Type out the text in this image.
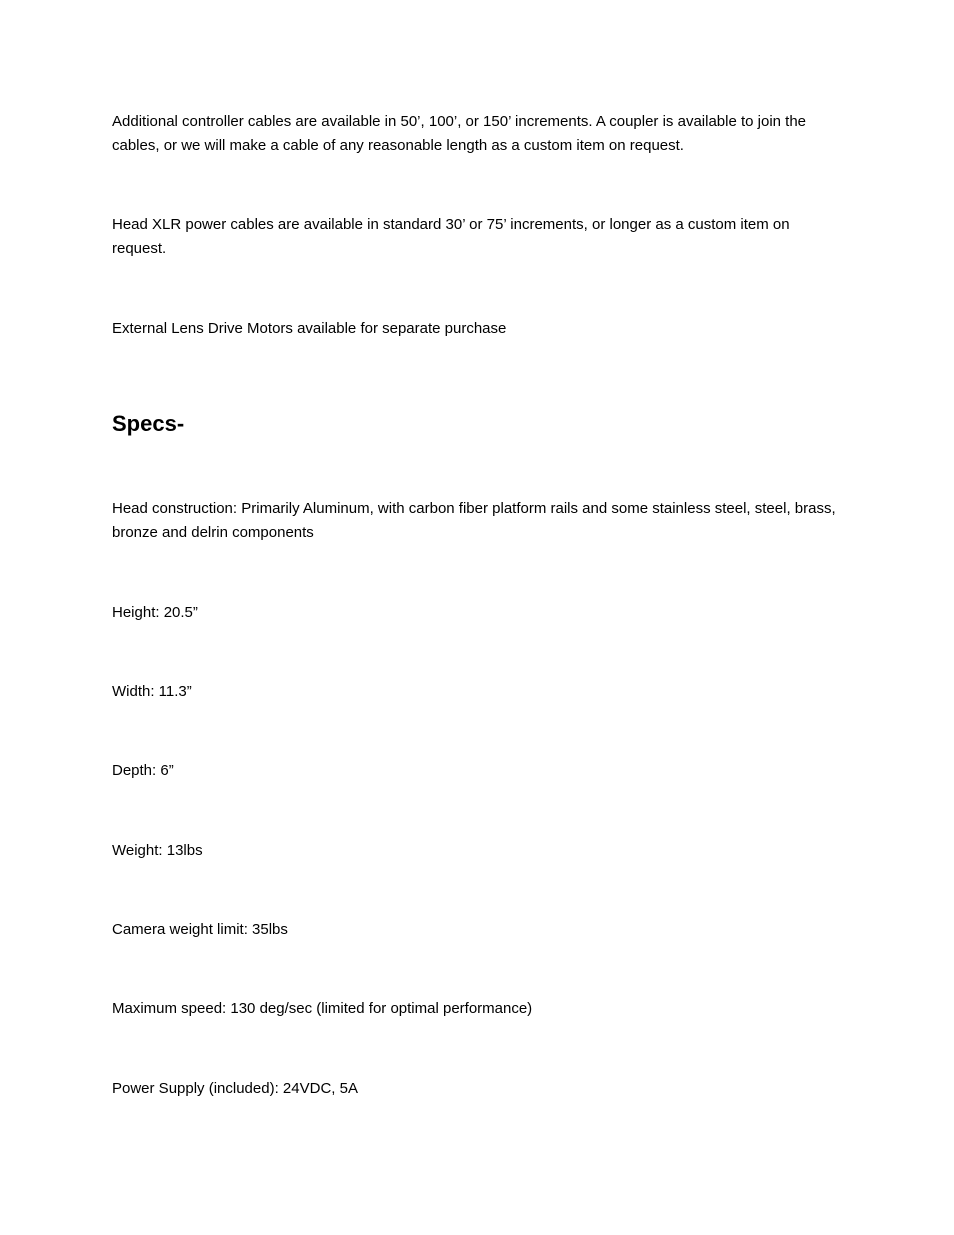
Additional controller cables are available in 50’, 100’, or 150’ increments. A coupler is available to join the cables, or we will make a cable of any reasonable length as a custom item on request.

Head XLR power cables are available in standard 30’ or 75’ increments, or longer as a custom item on request.

External Lens Drive Motors available for separate purchase

Specs-

Head construction: Primarily Aluminum, with carbon fiber platform rails and some stainless steel, steel, brass, bronze and delrin components

Height: 20.5”

Width: 11.3”

Depth: 6”

Weight: 13lbs

Camera weight limit: 35lbs

Maximum speed: 130 deg/sec (limited for optimal performance)

Power Supply (included): 24VDC, 5A
